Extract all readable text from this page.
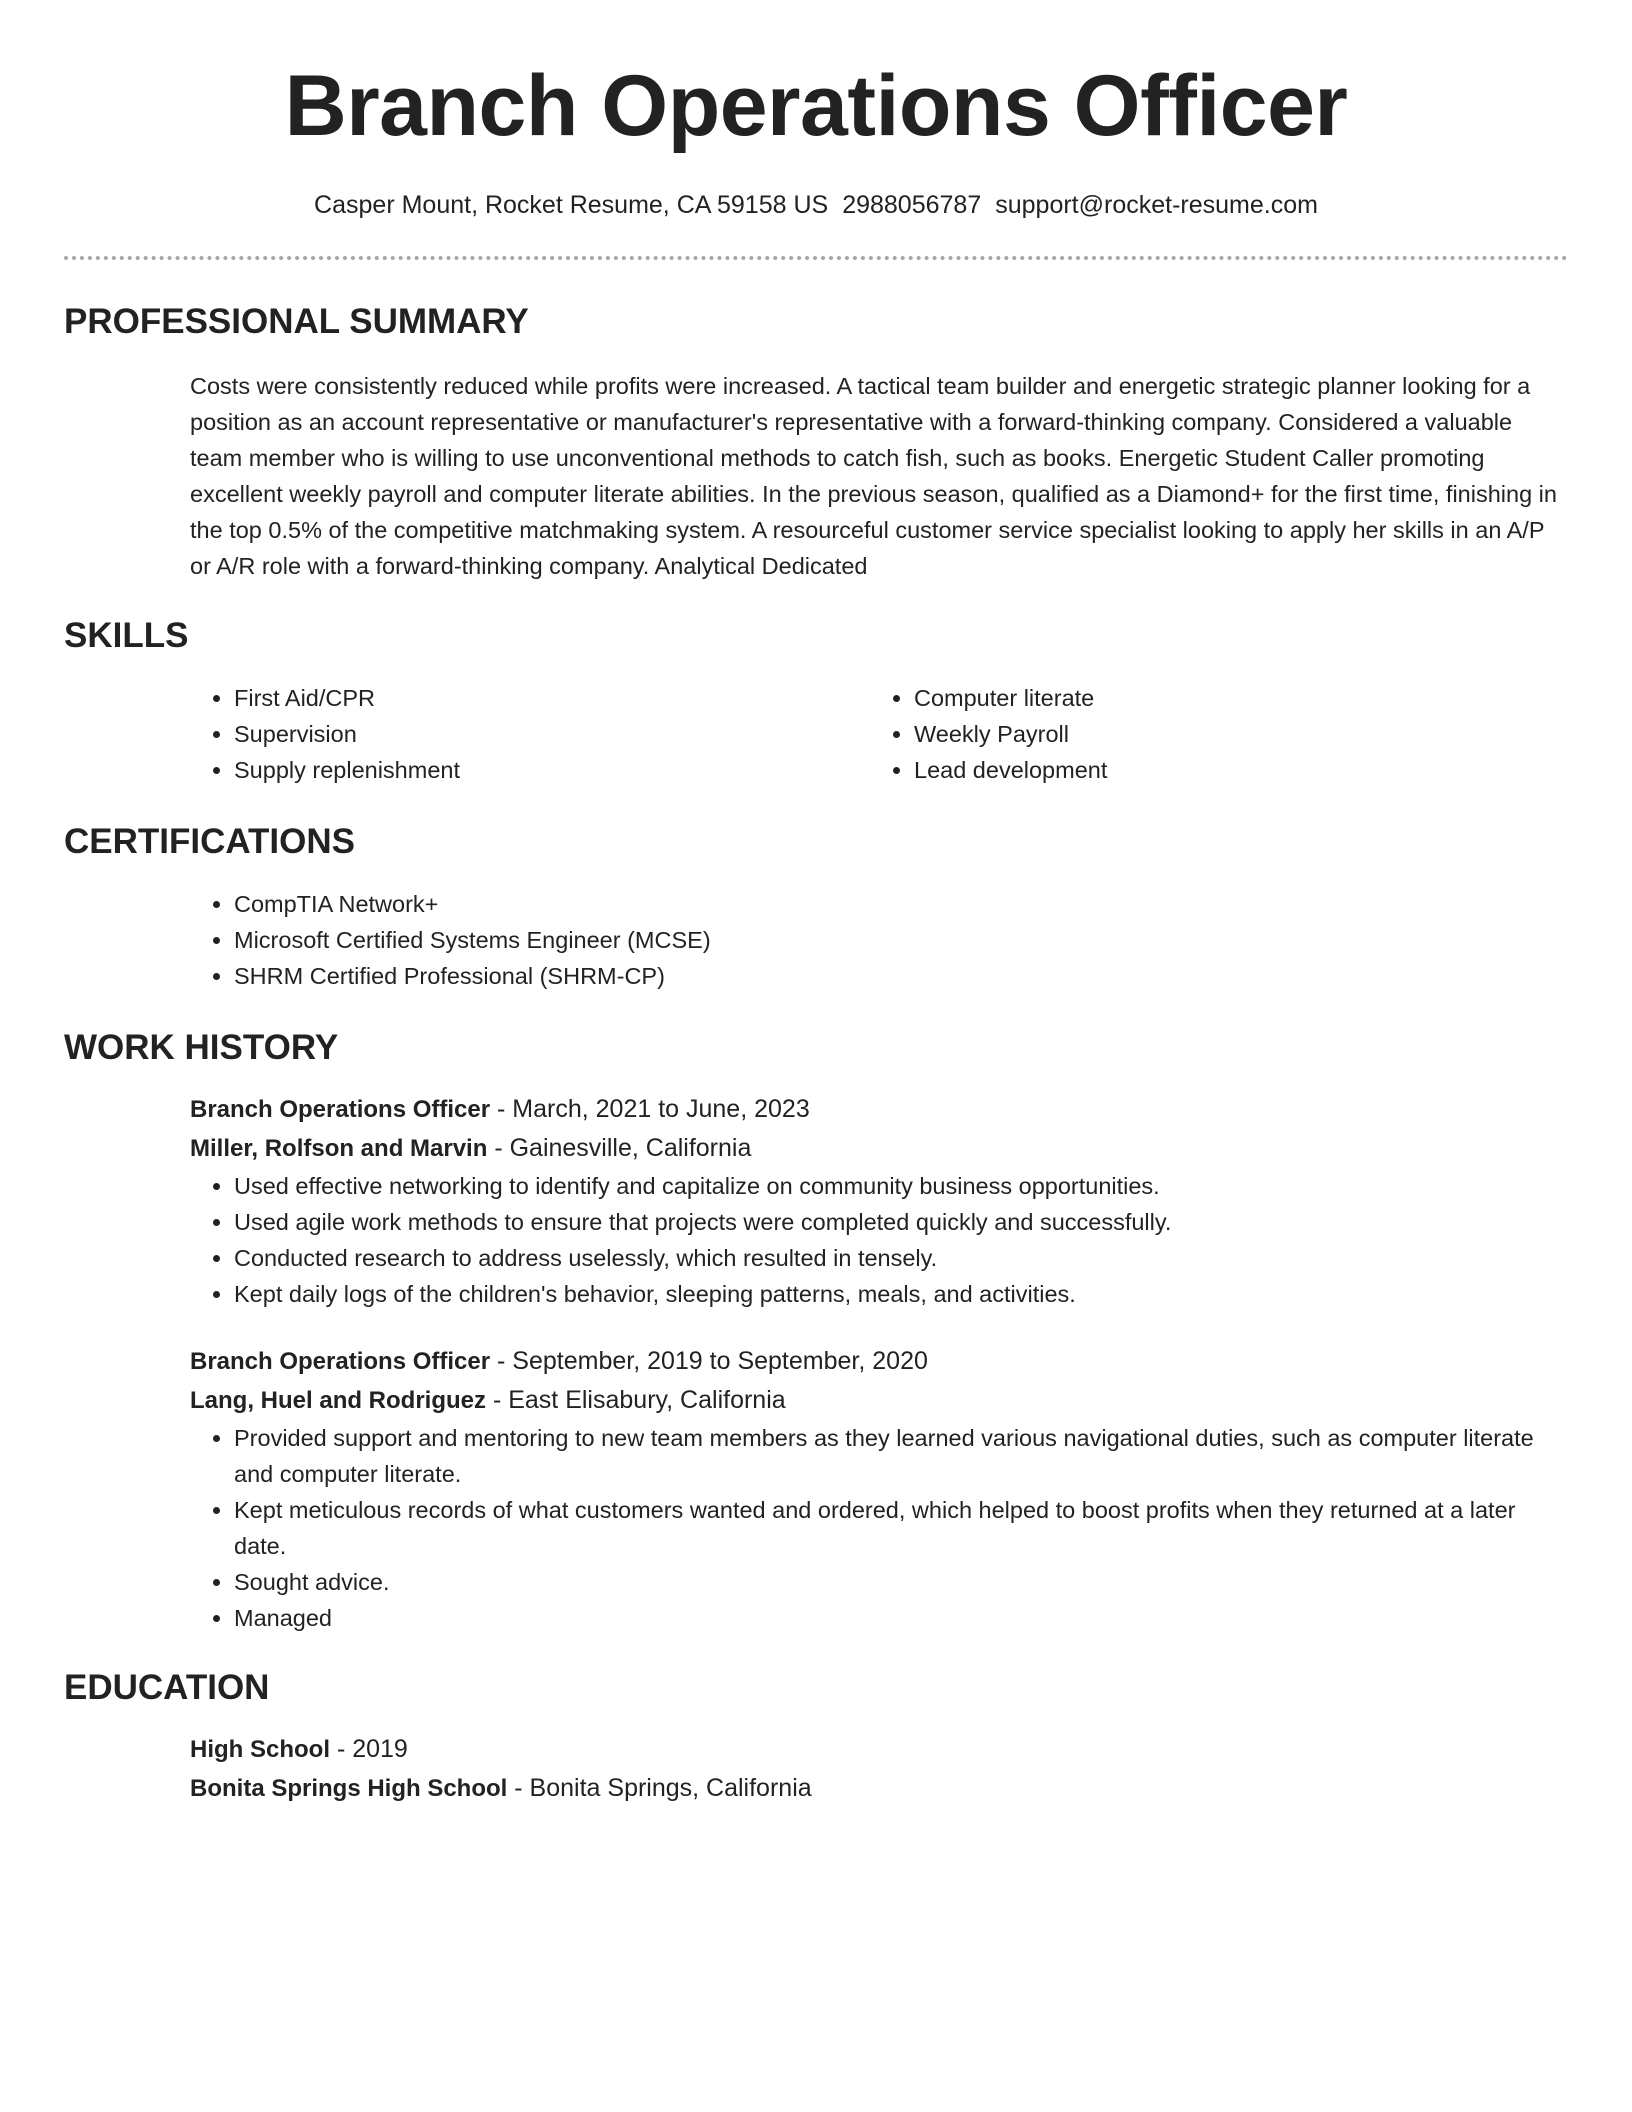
Branch Operations Officer
Casper Mount, Rocket Resume, CA 59158 US 2988056787 support@rocket-resume.com
PROFESSIONAL SUMMARY

Costs were consistently reduced while profits were increased. A tactical team builder and energetic strategic planner looking for a position as an account representative or manufacturer's representative with a forward-thinking company. Considered a valuable team member who is willing to use unconventional methods to catch fish, such as books. Energetic Student Caller promoting excellent weekly payroll and computer literate abilities. In the previous season, qualified as a Diamond+ for the first time, finishing in the top 0.5% of the competitive matchmaking system. A resourceful customer service specialist looking to apply her skills in an A/P or A/R role with a forward-thinking company. Analytical Dedicated

SKILLS
• First Aid/CPR
• Supervision
• Supply replenishment
• Computer literate
• Weekly Payroll
• Lead development
CERTIFICATIONS
• CompTIA Network+
• Microsoft Certified Systems Engineer (MCSE)
• SHRM Certified Professional (SHRM-CP)
WORK HISTORY
Branch Operations Officer - March, 2021 to June, 2023
Miller, Rolfson and Marvin - Gainesville, California
• Used effective networking to identify and capitalize on community business opportunities.
• Used agile work methods to ensure that projects were completed quickly and successfully.
• Conducted research to address uselessly, which resulted in tensely.
• Kept daily logs of the children's behavior, sleeping patterns, meals, and activities.
Branch Operations Officer - September, 2019 to September, 2020
Lang, Huel and Rodriguez - East Elisabury, California
• Provided support and mentoring to new team members as they learned various navigational duties, such as computer literate and computer literate.
• Kept meticulous records of what customers wanted and ordered, which helped to boost profits when they returned at a later date.
• Sought advice.
• Managed
EDUCATION
High School - 2019
Bonita Springs High School - Bonita Springs, California
